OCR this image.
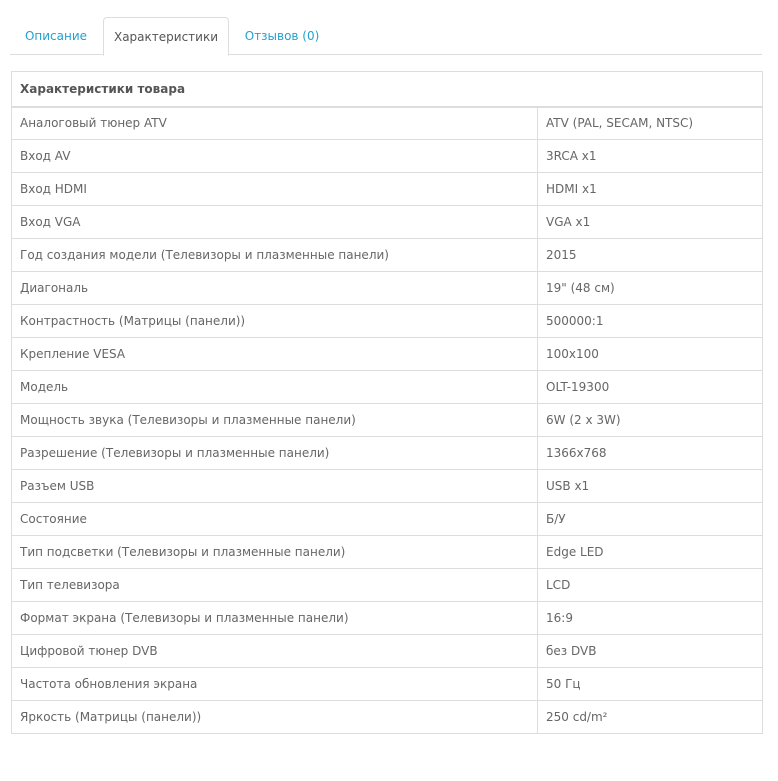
Описание	Характеристики	Отзывов (0)
Характеристики товара	
Аналоговый тюнер ATV	ATV (PAL, SECAM, NTSC)
Вход AV	3RCA x1
Вход HDMI	HDMI x1
Вход VGA	VGA x1
Год создания модели (Телевизоры и плазменные панели)	2015
Диагональ	19" (48 см)
Контрастность (Матрицы (панели))	500000:1
Крепление VESA	100x100
Модель	OLT-19300
Мощность звука (Телевизоры и плазменные панели)	6W (2 x 3W)
Разрешение (Телевизоры и плазменные панели)	1366x768
Разъем USB	USB x1
Состояние	Б/У
Тип подсветки (Телевизоры и плазменные панели)	Edge LED
Тип телевизора	LCD
Формат экрана (Телевизоры и плазменные панели)	16:9
Цифровой тюнер DVB	без DVB
Частота обновления экрана	50 Гц
Яркость (Матрицы (панели))	250 cd/m²
